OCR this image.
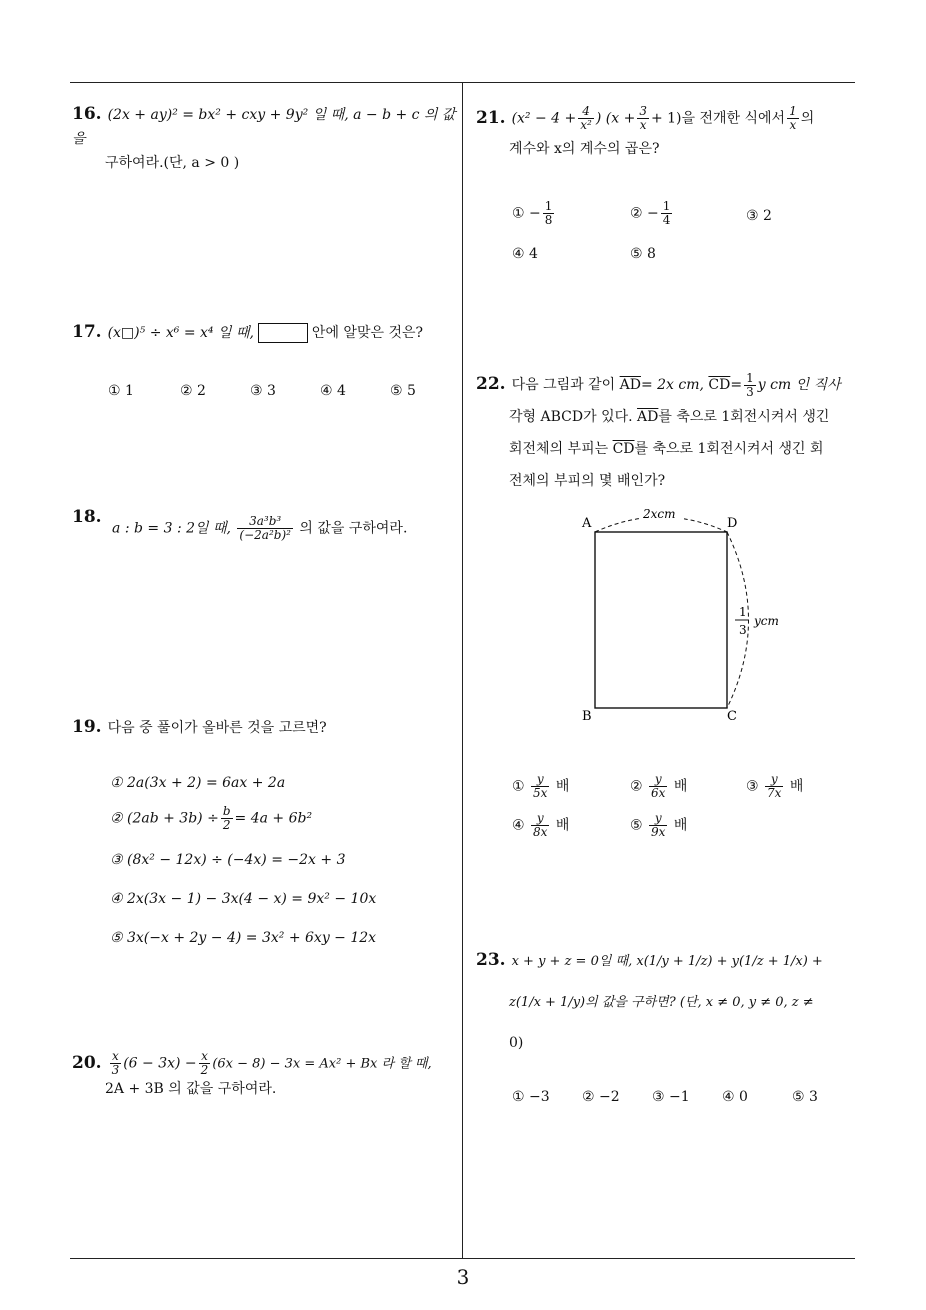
16. (2x + ay)² = bx² + cxy + 9y² 일 때, a − b + c 의 값을
구하여라.(단, a > 0 )
17. (x□)⁵ ÷ x⁶ = x⁴ 일 때,	안에 알맞은 것은?
① 1	② 2	③ 3	④ 4	⑤ 5
18. a : b = 3 : 2일 때, $\frac{\text{3a³b³}}{\text{(−2a²b)²}}$ 의 값을 구하여라.
19. 다음 중 풀이가 올바른 것을 고르면?
① 2a(3x + 2) = 6ax + 2a
② $(2ab + 3b) \div \frac{b}{2} = 4a + 6b^2$
③ (8x² − 12x) ÷ (−4x) = −2x + 3
④ 2x(3x − 1) − 3x(4 − x) = 9x² − 10x
⑤ 3x(−x + 2y − 4) = 3x² + 6xy − 12x
20. $\frac{x}{3} (6 - 3x) - \frac{x}{2} (6x - 8) - 3x = Ax^2 + Bx$ 라 할 때,
2A + 3B 의 값을 구하여라.
21. ($x^2 - 4 + \frac{4}{\text{x²}}$ ) $(x + \frac{3}{x} + 1)$을 전개한 식에서 $\frac{1}{x}$ 의
계수와 x의 계수의 곱은?
① − $\frac{1}{8}$	② − $\frac{1}{4}$	③ 2
④ 4	⑤ 8
22. 다음 그림과 같이 $\overline{AD}= 2x$ cm, $\overline{CD}= \frac{1}{3}$ y cm 인 직사
각형 ABCD가 있다. $\overline{AD}$를 축으로 1회전시켜서 생긴
회전체의 부피는 $\overline{CD}$를 축으로 1회전시켜서 생긴 회
전체의 부피의 몇 배인가?
A	D
B	C
2xcm
1
3
ycm
① $\frac{y}{5x}$ 배	② $\frac{y}{6x}$ 배	③ $\frac{y}{7x}$ 배
④ $\frac{y}{8x}$ 배	⑤ $\frac{y}{9x}$ 배
23. x + y + z = 0일 때, x(1/y + 1/z) + y(1/z + 1/x) +
z(1/x + 1/y)의 값을 구하면? (단, x ≠ 0, y ≠ 0, z ≠
0)
① −3 ② −2 ③ −1 ④ 0	⑤ 3
3
